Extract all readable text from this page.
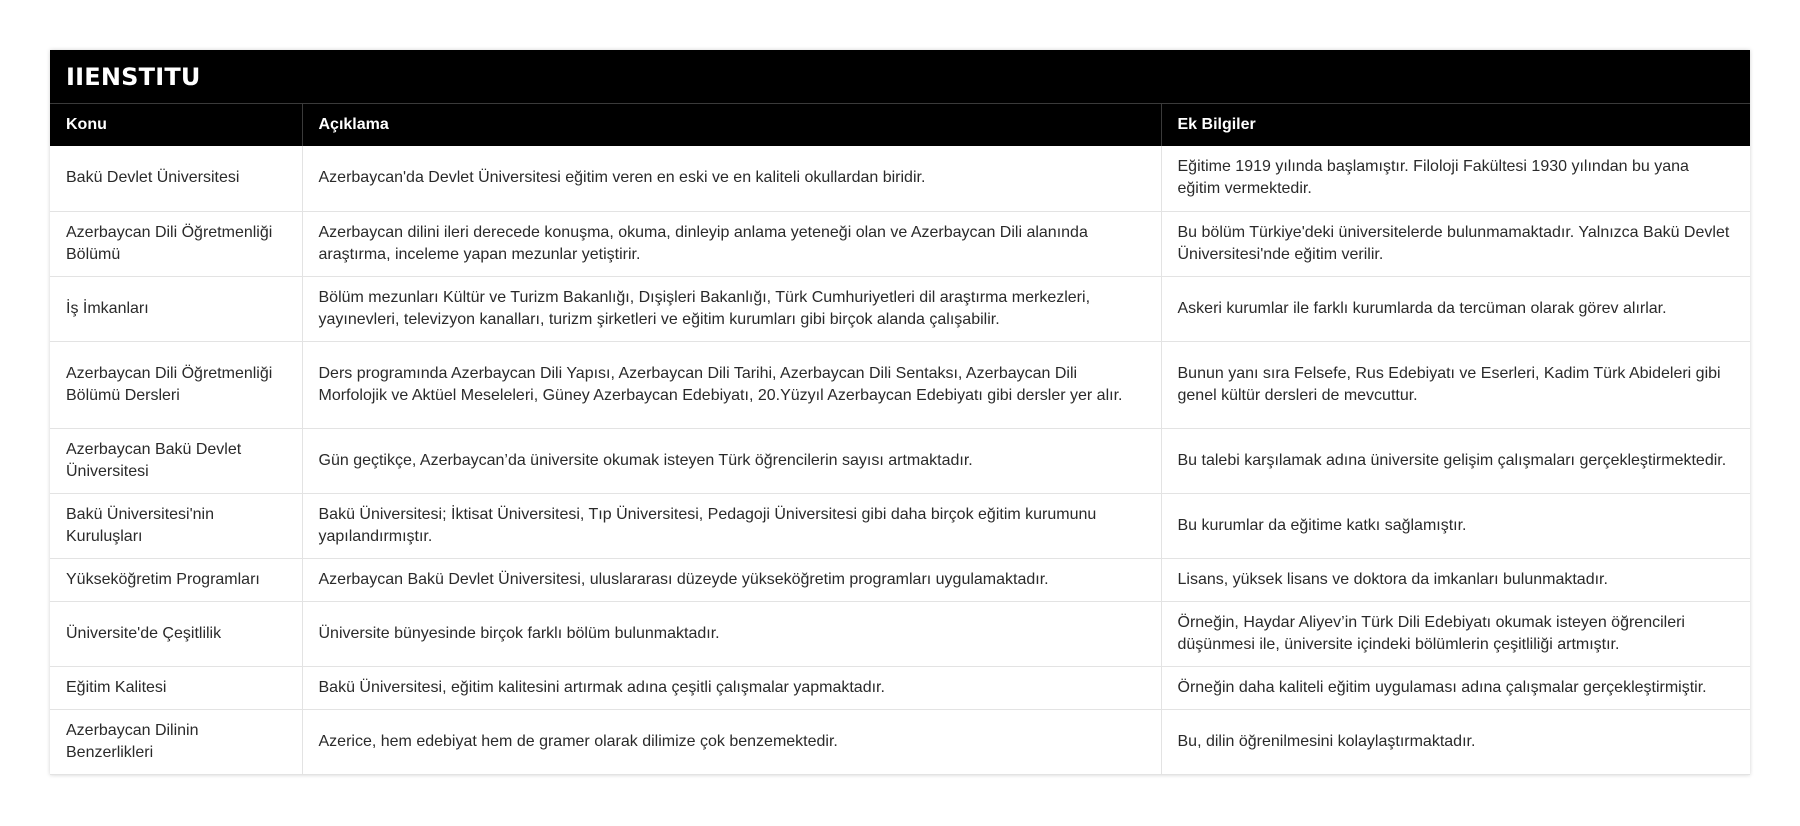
IIENSTITU
Konu	Açıklama	Ek Bilgiler
Bakü Devlet Üniversitesi	Azerbaycan'da Devlet Üniversitesi eğitim veren en eski ve en kaliteli okullardan biridir.	Eğitime 1919 yılında başlamıştır. Filoloji Fakültesi 1930 yılından bu yana eğitim vermektedir.
Azerbaycan Dili Öğretmenliği Bölümü	Azerbaycan dilini ileri derecede konuşma, okuma, dinleyip anlama yeteneği olan ve Azerbaycan Dili alanında araştırma, inceleme yapan mezunlar yetiştirir.	Bu bölüm Türkiye'deki üniversitelerde bulunmamaktadır. Yalnızca Bakü Devlet Üniversitesi'nde eğitim verilir.
İş İmkanları	Bölüm mezunları Kültür ve Turizm Bakanlığı, Dışişleri Bakanlığı, Türk Cumhuriyetleri dil araştırma merkezleri, yayınevleri, televizyon kanalları, turizm şirketleri ve eğitim kurumları gibi birçok alanda çalışabilir.	Askeri kurumlar ile farklı kurumlarda da tercüman olarak görev alırlar.
Azerbaycan Dili Öğretmenliği Bölümü Dersleri	Ders programında Azerbaycan Dili Yapısı, Azerbaycan Dili Tarihi, Azerbaycan Dili Sentaksı, Azerbaycan Dili Morfolojik ve Aktüel Meseleleri, Güney Azerbaycan Edebiyatı, 20.Yüzyıl Azerbaycan Edebiyatı gibi dersler yer alır.	Bunun yanı sıra Felsefe, Rus Edebiyatı ve Eserleri, Kadim Türk Abideleri gibi genel kültür dersleri de mevcuttur.
Azerbaycan Bakü Devlet Üniversitesi	Gün geçtikçe, Azerbaycan’da üniversite okumak isteyen Türk öğrencilerin sayısı artmaktadır.	Bu talebi karşılamak adına üniversite gelişim çalışmaları gerçekleştirmektedir.
Bakü Üniversitesi'nin Kuruluşları	Bakü Üniversitesi; İktisat Üniversitesi, Tıp Üniversitesi, Pedagoji Üniversitesi gibi daha birçok eğitim kurumunu yapılandırmıştır.	Bu kurumlar da eğitime katkı sağlamıştır.
Yükseköğretim Programları	Azerbaycan Bakü Devlet Üniversitesi, uluslararası düzeyde yükseköğretim programları uygulamaktadır.	Lisans, yüksek lisans ve doktora da imkanları bulunmaktadır.
Üniversite'de Çeşitlilik	Üniversite bünyesinde birçok farklı bölüm bulunmaktadır.	Örneğin, Haydar Aliyev’in Türk Dili Edebiyatı okumak isteyen öğrencileri düşünmesi ile, üniversite içindeki bölümlerin çeşitliliği artmıştır.
Eğitim Kalitesi	Bakü Üniversitesi, eğitim kalitesini artırmak adına çeşitli çalışmalar yapmaktadır.	Örneğin daha kaliteli eğitim uygulaması adına çalışmalar gerçekleştirmiştir.
Azerbaycan Dilinin Benzerlikleri	Azerice, hem edebiyat hem de gramer olarak dilimize çok benzemektedir.	Bu, dilin öğrenilmesini kolaylaştırmaktadır.
